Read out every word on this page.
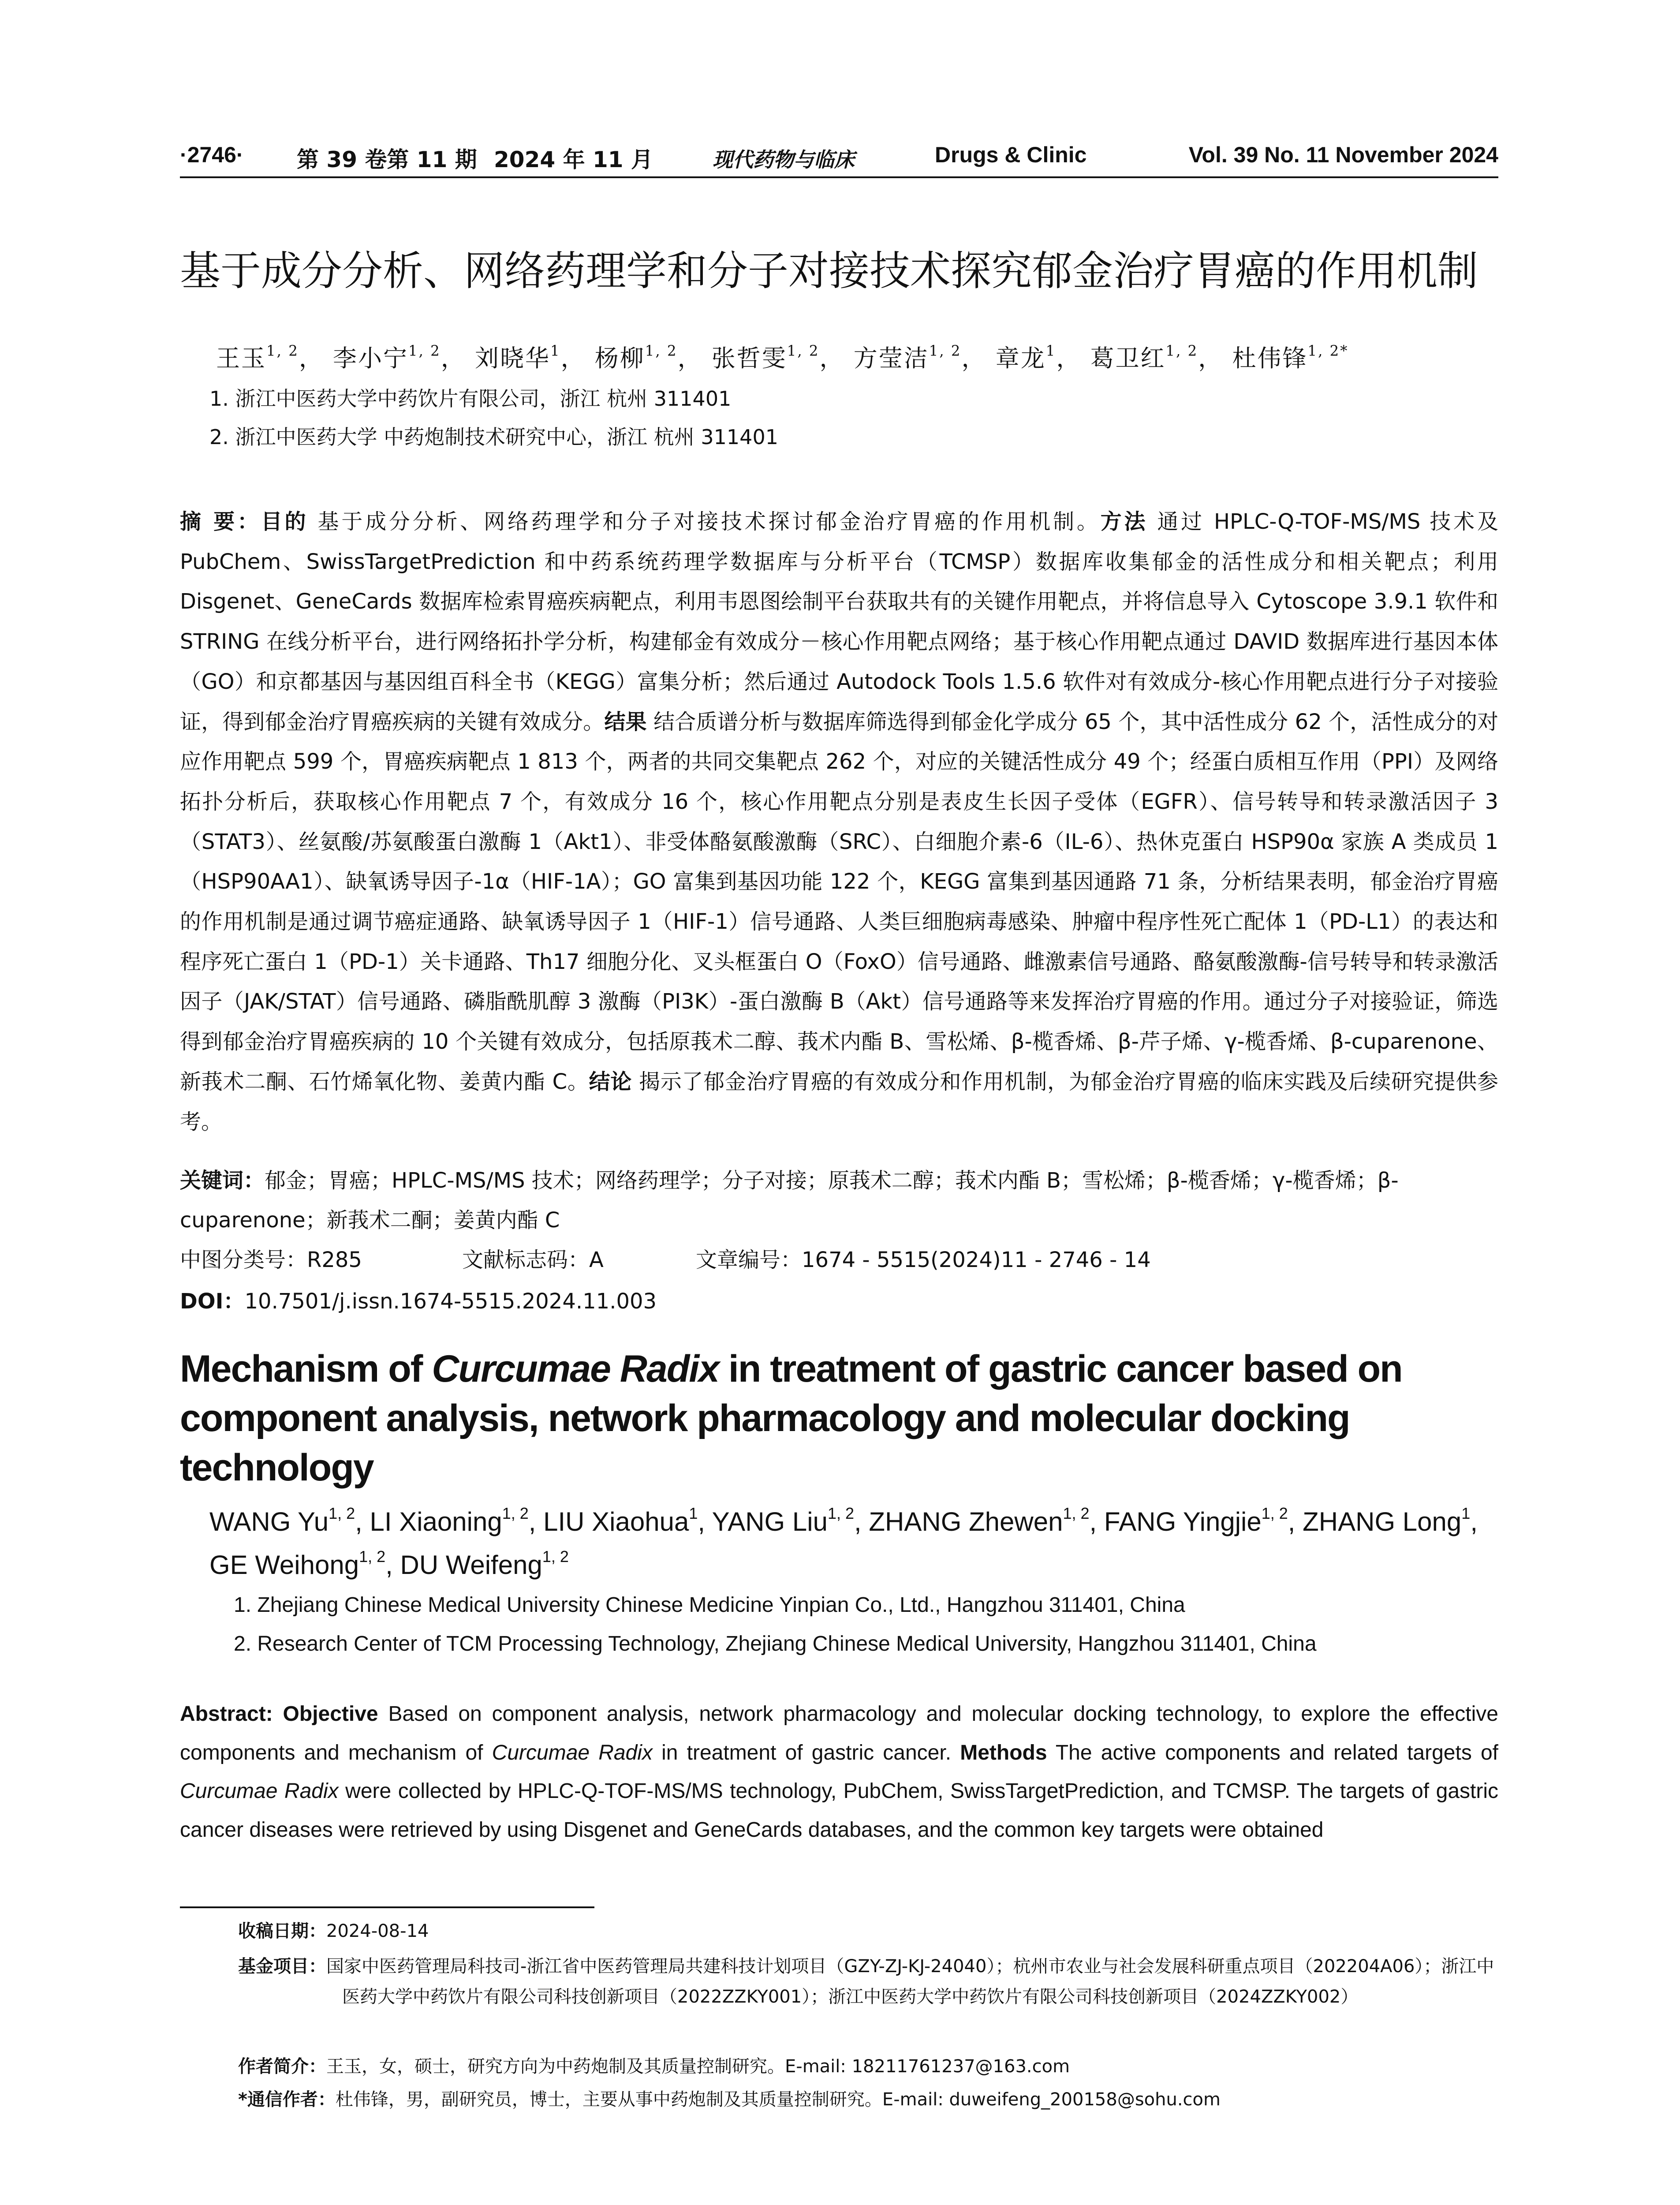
·2746· 第 39 卷第 11 期 2024 年 11 月	现代药物与临床	Drugs & Clinic	Vol. 39 No. 11 November 2024
基于成分分析、网络药理学和分子对接技术探究郁金治疗胃癌的作用机制
王玉$^{1, 2}$， 李小宁$^{1, 2}$， 刘晓华$^1$， 杨柳$^{1, 2}$， 张哲雯$^{1, 2}$， 方莹洁$^{1, 2}$， 章龙$^1$， 葛卫红$^{1, 2}$， 杜伟锋$^{1, 2*}$
1. 浙江中医药大学中药饮片有限公司，浙江 杭州 311401
2. 浙江中医药大学 中药炮制技术研究中心，浙江 杭州 311401
摘 要：目的 基于成分分析、网络药理学和分子对接技术探讨郁金治疗胃癌的作用机制。方法 通过 HPLC-Q-TOF-MS/MS 技术及 PubChem、SwissTargetPrediction 和中药系统药理学数据库与分析平台（TCMSP）数据库收集郁金的活性成分和相关靶点；利用 Disgenet、GeneCards 数据库检索胃癌疾病靶点，利用韦恩图绘制平台获取共有的关键作用靶点，并将信息导入 Cytoscope 3.9.1 软件和 STRING 在线分析平台，进行网络拓扑学分析，构建郁金有效成分－核心作用靶点网络；基于核心作用靶点通过 DAVID 数据库进行基因本体（GO）和京都基因与基因组百科全书（KEGG）富集分析；然后通过 Autodock Tools 1.5.6 软件对有效成分-核心作用靶点进行分子对接验证，得到郁金治疗胃癌疾病的关键有效成分。结果 结合质谱分析与数据库筛选得到郁金化学成分 65 个，其中活性成分 62 个，活性成分的对应作用靶点 599 个，胃癌疾病靶点 1 813 个，两者的共同交集靶点 262 个，对应的关键活性成分 49 个；经蛋白质相互作用（PPI）及网络拓扑分析后，获取核心作用靶点 7 个，有效成分 16 个，核心作用靶点分别是表皮生长因子受体（EGFR）、信号转导和转录激活因子 3（STAT3）、丝氨酸/苏氨酸蛋白激酶 1（Akt1）、非受体酪氨酸激酶（SRC）、白细胞介素-6（IL-6）、热休克蛋白 HSP90α 家族 A 类成员 1（HSP90AA1）、缺氧诱导因子-1α（HIF-1A）；GO 富集到基因功能 122 个，KEGG 富集到基因通路 71 条，分析结果表明，郁金治疗胃癌的作用机制是通过调节癌症通路、缺氧诱导因子 1（HIF-1）信号通路、人类巨细胞病毒感染、肿瘤中程序性死亡配体 1（PD-L1）的表达和程序死亡蛋白 1（PD-1）关卡通路、Th17 细胞分化、叉头框蛋白 O（FoxO）信号通路、雌激素信号通路、酪氨酸激酶-信号转导和转录激活因子（JAK/STAT）信号通路、磷脂酰肌醇 3 激酶（PI3K）-蛋白激酶 B（Akt）信号通路等来发挥治疗胃癌的作用。通过分子对接验证，筛选得到郁金治疗胃癌疾病的 10 个关键有效成分，包括原莪术二醇、莪术内酯 B、雪松烯、β-榄香烯、β-芹子烯、γ-榄香烯、β-cuparenone、新莪术二酮、石竹烯氧化物、姜黄内酯 C。结论 揭示了郁金治疗胃癌的有效成分和作用机制，为郁金治疗胃癌的临床实践及后续研究提供参考。
关键词：郁金；胃癌；HPLC-MS/MS 技术；网络药理学；分子对接；原莪术二醇；莪术内酯 B；雪松烯；β-榄香烯；γ-榄香烯；β-cuparenone；新莪术二酮；姜黄内酯 C
中图分类号：R285	文献标志码：A	文章编号：1674 - 5515(2024)11 - 2746 - 14
DOI：10.7501/j.issn.1674-5515.2024.11.003
Mechanism of Curcumae Radix in treatment of gastric cancer based on component analysis, network pharmacology and molecular docking technology
WANG Yu$^{1, 2}$, LI Xiaoning$^{1, 2}$, LIU Xiaohua$^1$, YANG Liu$^{1, 2}$, ZHANG Zhewen$^{1, 2}$, FANG Yingjie$^{1, 2}$, ZHANG Long$^1$, GE Weihong$^{1, 2}$, DU Weifeng$^{1, 2}$
1. Zhejiang Chinese Medical University Chinese Medicine Yinpian Co., Ltd., Hangzhou 311401, China
2. Research Center of TCM Processing Technology, Zhejiang Chinese Medical University, Hangzhou 311401, China
Abstract: Objective Based on component analysis, network pharmacology and molecular docking technology, to explore the effective components and mechanism of Curcumae Radix in treatment of gastric cancer. Methods The active components and related targets of Curcumae Radix were collected by HPLC-Q-TOF-MS/MS technology, PubChem, SwissTargetPrediction, and TCMSP. The targets of gastric cancer diseases were retrieved by using Disgenet and GeneCards databases, and the common key targets were obtained
收稿日期：2024-08-14
基金项目：国家中医药管理局科技司-浙江省中医药管理局共建科技计划项目（GZY-ZJ-KJ-24040）；杭州市农业与社会发展科研重点项目（202204A06）；浙江中医药大学中药饮片有限公司科技创新项目（2022ZZKY001）；浙江中医药大学中药饮片有限公司科技创新项目（2024ZZKY002）
作者简介：王玉，女，硕士，研究方向为中药炮制及其质量控制研究。E-mail: 18211761237@163.com
*通信作者：杜伟锋，男，副研究员，博士，主要从事中药炮制及其质量控制研究。E-mail: duweifeng_200158@sohu.com
